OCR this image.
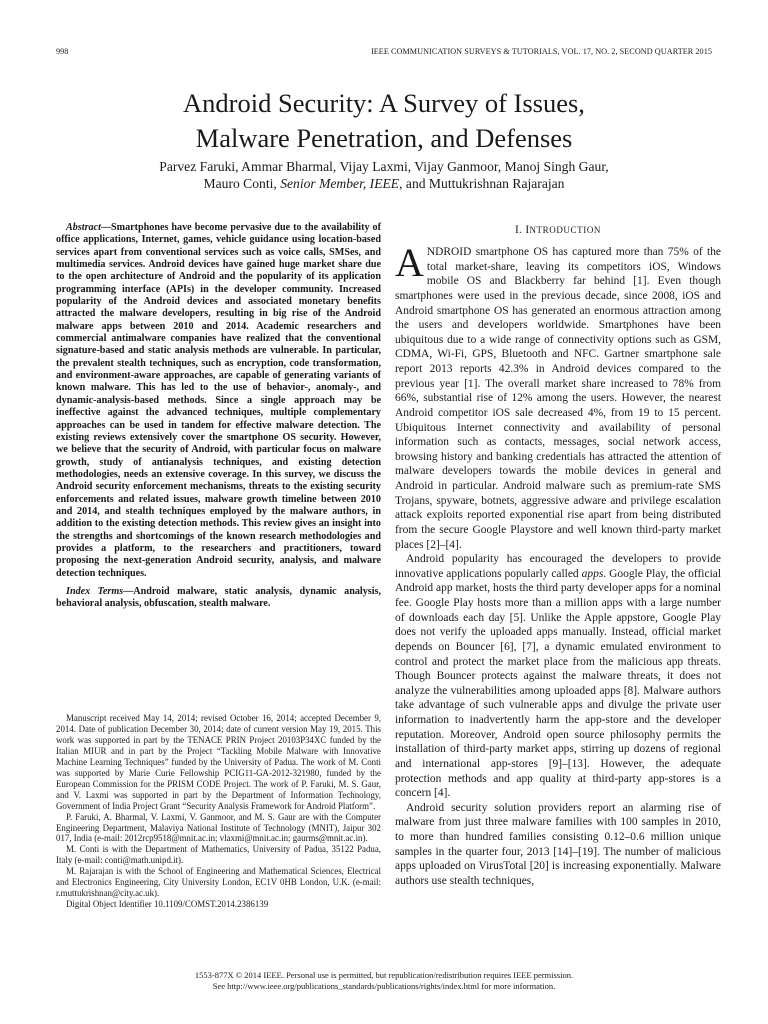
998	IEEE COMMUNICATION SURVEYS & TUTORIALS, VOL. 17, NO. 2, SECOND QUARTER 2015
Android Security: A Survey of Issues,
Malware Penetration, and Defenses
Parvez Faruki, Ammar Bharmal, Vijay Laxmi, Vijay Ganmoor, Manoj Singh Gaur,
Mauro Conti, Senior Member, IEEE, and Muttukrishnan Rajarajan

Abstract—Smartphones have become pervasive due to the availability of office applications, Internet, games, vehicle guidance using location-based services apart from conventional services such as voice calls, SMSes, and multimedia services. Android devices have gained huge market share due to the open architecture of Android and the popularity of its application programming interface (APIs) in the developer community. Increased popularity of the Android devices and associated monetary benefits attracted the malware developers, resulting in big rise of the Android malware apps between 2010 and 2014. Academic researchers and commercial antimalware companies have realized that the conventional signature-based and static analysis methods are vulnerable. In particular, the prevalent stealth techniques, such as encryption, code transformation, and environment-aware approaches, are capable of generating variants of known malware. This has led to the use of behavior-, anomaly-, and dynamic-analysis-based methods. Since a single approach may be ineffective against the advanced techniques, multiple complementary approaches can be used in tandem for effective malware detection. The existing reviews extensively cover the smartphone OS security. However, we believe that the security of Android, with particular focus on malware growth, study of antianalysis techniques, and existing detection methodologies, needs an extensive coverage. In this survey, we discuss the Android security enforcement mechanisms, threats to the existing security enforcements and related issues, malware growth timeline between 2010 and 2014, and stealth techniques employed by the malware authors, in addition to the existing detection methods. This review gives an insight into the strengths and shortcomings of the known research methodologies and provides a platform, to the researchers and practitioners, toward proposing the next-generation Android security, analysis, and malware detection techniques.

Index Terms—Android malware, static analysis, dynamic analysis, behavioral analysis, obfuscation, stealth malware.

Manuscript received May 14, 2014; revised October 16, 2014; accepted December 9, 2014. Date of publication December 30, 2014; date of current version May 19, 2015. This work was supported in part by the TENACE PRIN Project 20103P34XC funded by the Italian MIUR and in part by the Project “Tackling Mobile Malware with Innovative Machine Learning Techniques” funded by the University of Padua. The work of M. Conti was supported by Marie Curie Fellowship PCIG11-GA-2012-321980, funded by the European Commission for the PRISM CODE Project. The work of P. Faruki, M. S. Gaur, and V. Laxmi was supported in part by the Department of Information Technology, Government of India Project Grant “Security Analysis Framework for Android Platform”.

P. Faruki, A. Bharmal, V. Laxmi, V. Ganmoor, and M. S. Gaur are with the Computer Engineering Department, Malaviya National Institute of Technology (MNIT), Jaipur 302 017, India (e-mail: 2012rcp9518@mnit.ac.in; vlaxmi@mnit.ac.in; gaurms@mnit.ac.in).

M. Conti is with the Department of Mathematics, University of Padua, 35122 Padua, Italy (e-mail: conti@math.unipd.it).

M. Rajarajan is with the School of Engineering and Mathematical Sciences, Electrical and Electronics Engineering, City University London, EC1V 0HB London, U.K. (e-mail: r.muttukrishnan@city.ac.uk).

Digital Object Identifier 10.1109/COMST.2014.2386139

I. INTRODUCTION

ANDROID smartphone OS has captured more than 75% of the total market-share, leaving its competitors iOS, Windows mobile OS and Blackberry far behind [1]. Even though smartphones were used in the previous decade, since 2008, iOS and Android smartphone OS has generated an enormous attraction among the users and developers worldwide. Smartphones have been ubiquitous due to a wide range of connectivity options such as GSM, CDMA, Wi-Fi, GPS, Bluetooth and NFC. Gartner smartphone sale report 2013 reports 42.3% in Android devices compared to the previous year [1]. The overall market share increased to 78% from 66%, substantial rise of 12% among the users. However, the nearest Android competitor iOS sale decreased 4%, from 19 to 15 percent. Ubiquitous Internet connectivity and availability of personal information such as contacts, messages, social network access, browsing history and banking credentials has attracted the attention of malware developers towards the mobile devices in general and Android in particular. Android malware such as premium-rate SMS Trojans, spyware, botnets, aggressive adware and privilege escalation attack exploits reported exponential rise apart from being distributed from the secure Google Playstore and well known third-party market places [2]–[4].

Android popularity has encouraged the developers to provide innovative applications popularly called apps. Google Play, the official Android app market, hosts the third party developer apps for a nominal fee. Google Play hosts more than a million apps with a large number of downloads each day [5]. Unlike the Apple appstore, Google Play does not verify the uploaded apps manually. Instead, official market depends on Bouncer [6], [7], a dynamic emulated environment to control and protect the market place from the malicious app threats. Though Bouncer protects against the malware threats, it does not analyze the vulnerabilities among uploaded apps [8]. Malware authors take advantage of such vulnerable apps and divulge the private user information to inadvertently harm the app-store and the developer reputation. Moreover, Android open source philosophy permits the installation of third-party market apps, stirring up dozens of regional and international app-stores [9]–[13]. However, the adequate protection methods and app quality at third-party app-stores is a concern [4].

Android security solution providers report an alarming rise of malware from just three malware families with 100 samples in 2010, to more than hundred families consisting 0.12–0.6 million unique samples in the quarter four, 2013 [14]–[19]. The number of malicious apps uploaded on VirusTotal [20] is increasing exponentially. Malware authors use stealth techniques,

1553-877X © 2014 IEEE. Personal use is permitted, but republication/redistribution requires IEEE permission.
See http://www.ieee.org/publications_standards/publications/rights/index.html for more information.
